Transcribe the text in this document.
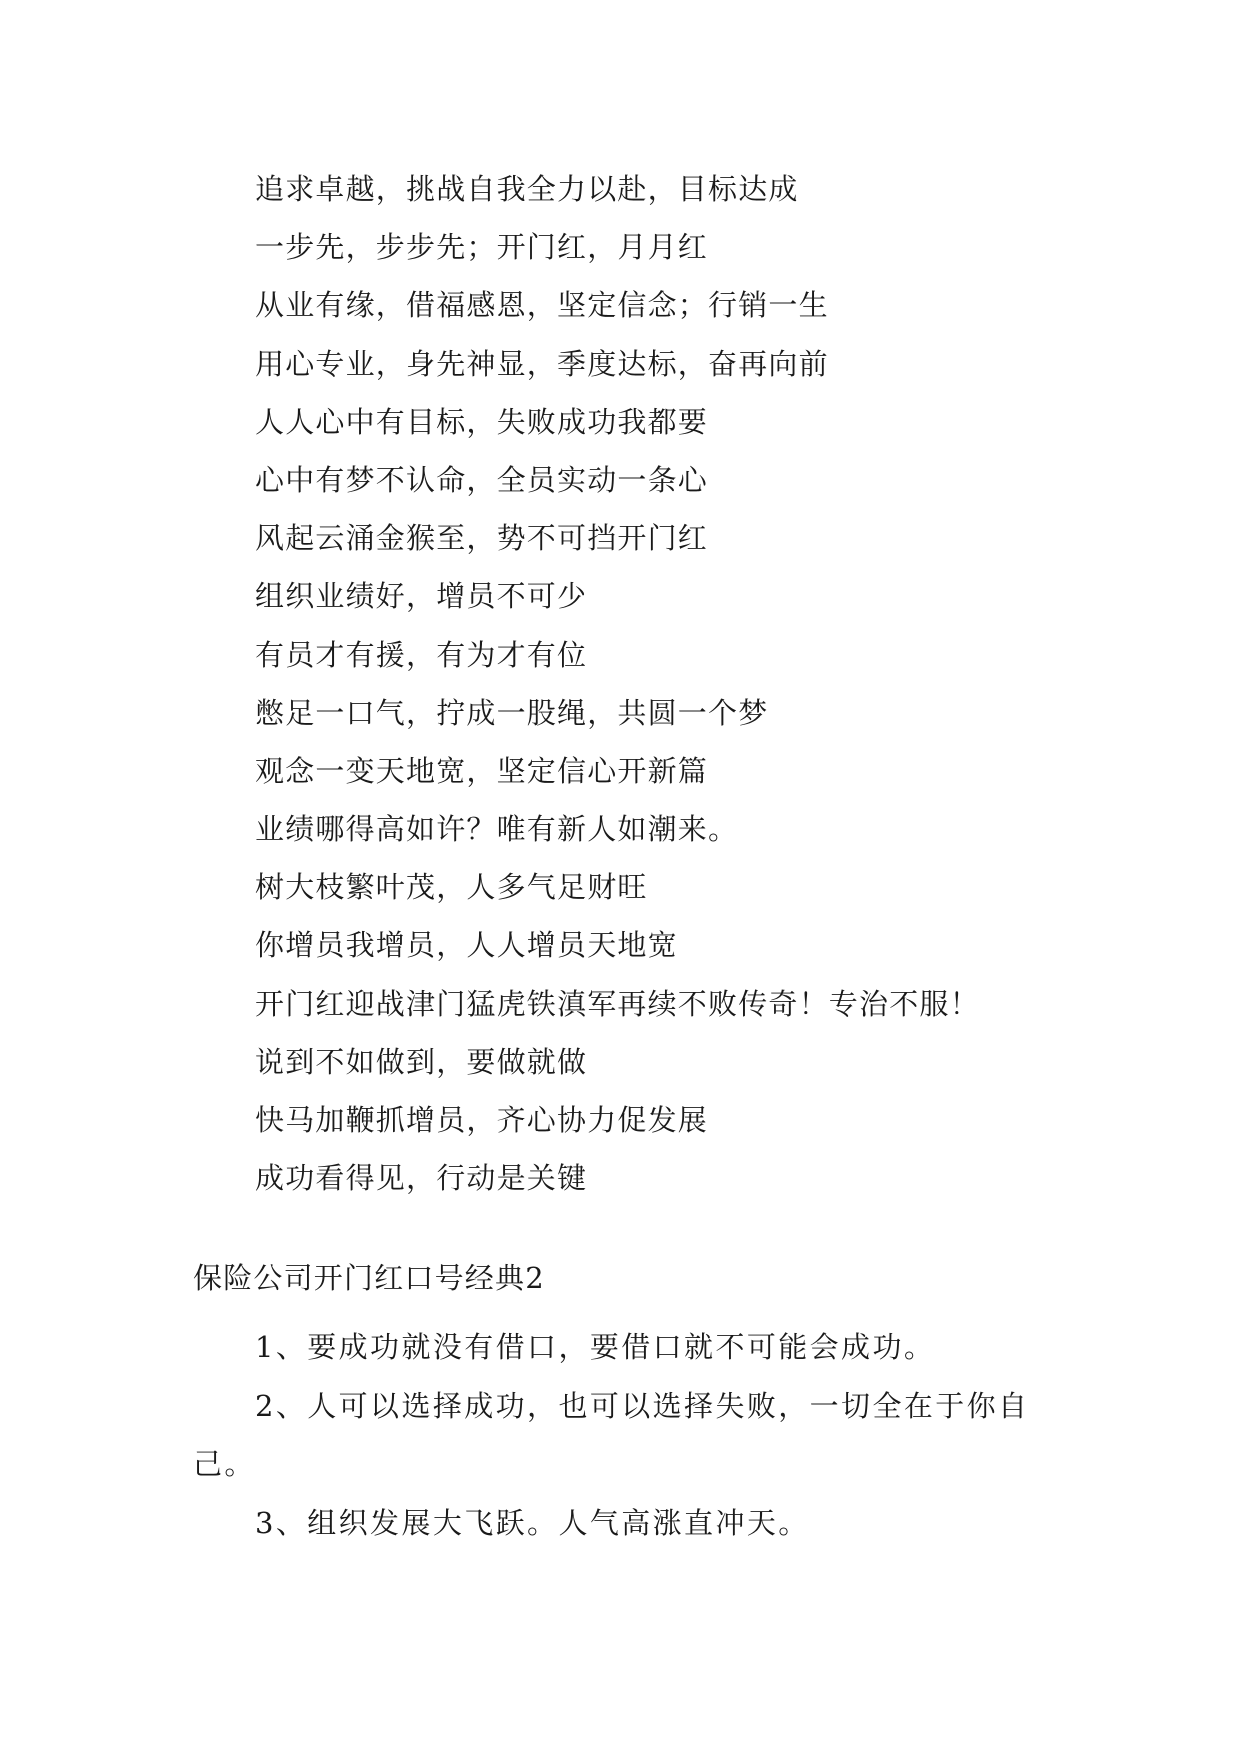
追求卓越，挑战自我全力以赴，目标达成
一步先，步步先；开门红，月月红
从业有缘，借福感恩，坚定信念；行销一生
用心专业，身先神显，季度达标，奋再向前
人人心中有目标，失败成功我都要
心中有梦不认命，全员实动一条心
风起云涌金猴至，势不可挡开门红
组织业绩好，增员不可少
有员才有援，有为才有位
憋足一口气，拧成一股绳，共圆一个梦
观念一变天地宽，坚定信心开新篇
业绩哪得高如许？唯有新人如潮来。
树大枝繁叶茂，人多气足财旺
你增员我增员，人人增员天地宽
开门红迎战津门猛虎铁滇军再续不败传奇！专治不服！
说到不如做到，要做就做
快马加鞭抓增员，齐心协力促发展
成功看得见，行动是关键
保险公司开门红口号经典2

1、要成功就没有借口，要借口就不可能会成功。

2、人可以选择成功，也可以选择失败，一切全在于你自己。

3、组织发展大飞跃。人气高涨直冲天。
